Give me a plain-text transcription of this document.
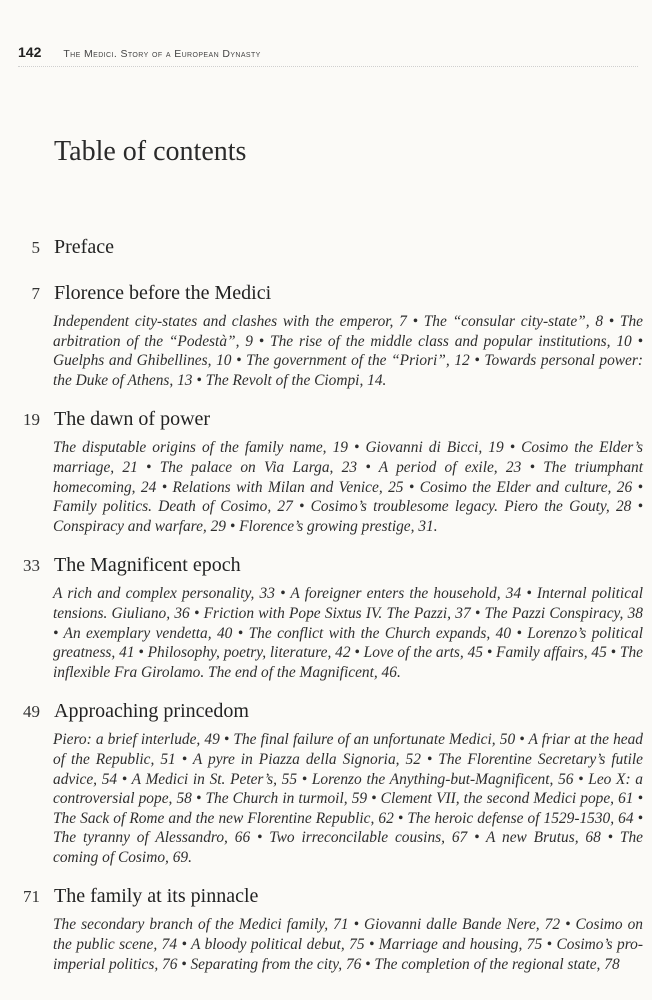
142 The Medici. Story of a European Dynasty
Table of contents
5 Preface
7 Florence before the Medici

Independent city-states and clashes with the emperor, 7 • The “consular city-state”, 8 • The arbitration of the “Podestà”, 9 • The rise of the middle class and popular institutions, 10 • Guelphs and Ghibellines, 10 • The government of the “Priori”, 12 • Towards personal power: the Duke of Athens, 13 • The Revolt of the Ciompi, 14.

19 The dawn of power

The disputable origins of the family name, 19 • Giovanni di Bicci, 19 • Cosimo the Elder’s marriage, 21 • The palace on Via Larga, 23 • A period of exile, 23 • The triumphant homecoming, 24 • Relations with Milan and Venice, 25 • Cosimo the Elder and culture, 26 • Family politics. Death of Cosimo, 27 • Cosimo’s troublesome legacy. Piero the Gouty, 28 • Conspiracy and warfare, 29 • Florence’s growing prestige, 31.

33 The Magnificent epoch

A rich and complex personality, 33 • A foreigner enters the household, 34 • Internal political tensions. Giuliano, 36 • Friction with Pope Sixtus IV. The Pazzi, 37 • The Pazzi Conspiracy, 38 • An exemplary vendetta, 40 • The conflict with the Church expands, 40 • Lorenzo’s political greatness, 41 • Philosophy, poetry, literature, 42 • Love of the arts, 45 • Family affairs, 45 • The inflexible Fra Girolamo. The end of the Magnificent, 46.

49 Approaching princedom

Piero: a brief interlude, 49 • The final failure of an unfortunate Medici, 50 • A friar at the head of the Republic, 51 • A pyre in Piazza della Signoria, 52 • The Florentine Secretary’s futile advice, 54 • A Medici in St. Peter’s, 55 • Lorenzo the Anything-but-Magnificent, 56 • Leo X: a controversial pope, 58 • The Church in turmoil, 59 • Clement VII, the second Medici pope, 61 • The Sack of Rome and the new Florentine Republic, 62 • The heroic defense of 1529-1530, 64 • The tyranny of Alessandro, 66 • Two irreconcilable cousins, 67 • A new Brutus, 68 • The coming of Cosimo, 69.

71 The family at its pinnacle

The secondary branch of the Medici family, 71 • Giovanni dalle Bande Nere, 72 • Cosimo on the public scene, 74 • A bloody political debut, 75 • Marriage and housing, 75 • Cosimo’s pro-imperial politics, 76 • Separating from the city, 76 • The completion of the regional state, 78
